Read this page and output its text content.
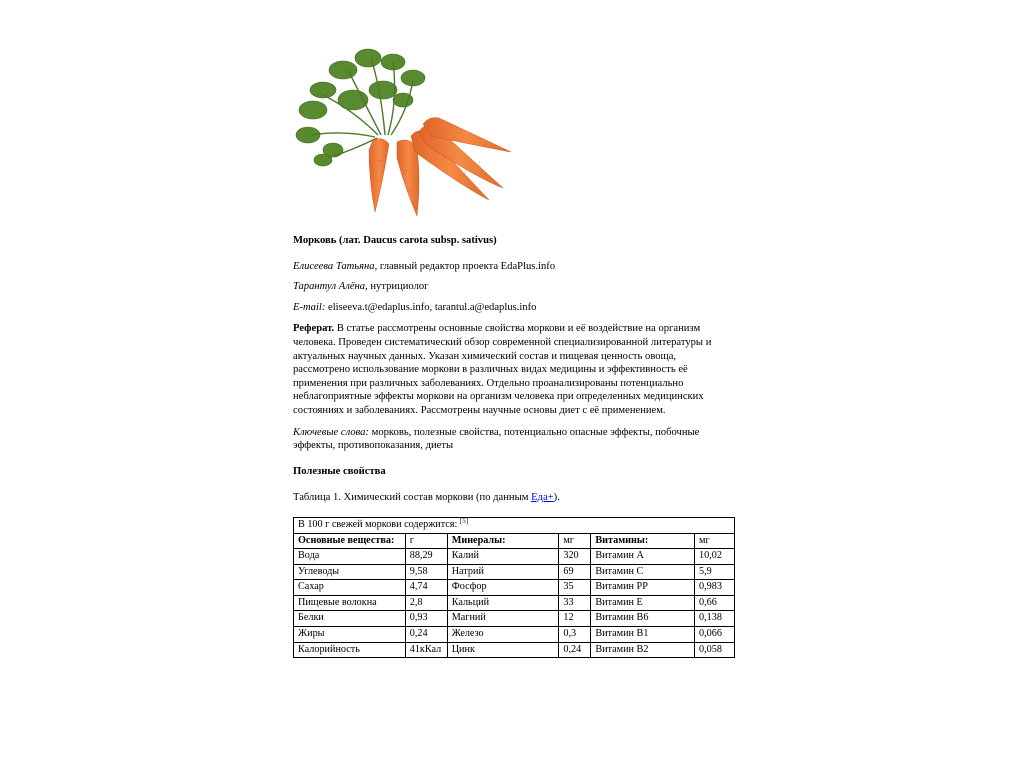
Морковь (лат. Daucus carota subsp. sativus)
Елисеева Татьяна, главный редактор проекта EdaPlus.info
Тарантул Алёна, нутрициолог
E-mail: eliseeva.t@edaplus.info, tarantul.a@edaplus.info
Реферат. В статье рассмотрены основные свойства моркови и её воздействие на организм человека. Проведен систематический обзор современной специализированной литературы и актуальных научных данных. Указан химический состав и пищевая ценность овоща, рассмотрено использование моркови в различных видах медицины и эффективность её применения при различных заболеваниях. Отдельно проанализированы потенциально неблагоприятные эффекты моркови на организм человека при определенных медицинских состояниях и заболеваниях. Рассмотрены научные основы диет с её применением.
Ключевые слова: морковь, полезные свойства, потенциально опасные эффекты, побочные эффекты, противопоказания, диеты
Полезные свойства
Таблица 1. Химический состав моркови (по данным Еда+).
В 100 г свежей моркови содержится: [5]
Основные вещества:	г	Минералы:	мг	Витамины:	мг
Вода	88,29	Калий	320	Витамин A	10,02
Углеводы	9,58	Натрий	69	Витамин C	5,9
Сахар	4,74	Фосфор	35	Витамин PP	0,983
Пищевые волокна	2,8	Кальций	33	Витамин E	0,66
Белки	0,93	Магний	12	Витамин B6	0,138
Жиры	0,24	Железо	0,3	Витамин B1	0,066
Калорийность	41кКал	Цинк	0,24	Витамин B2	0,058
